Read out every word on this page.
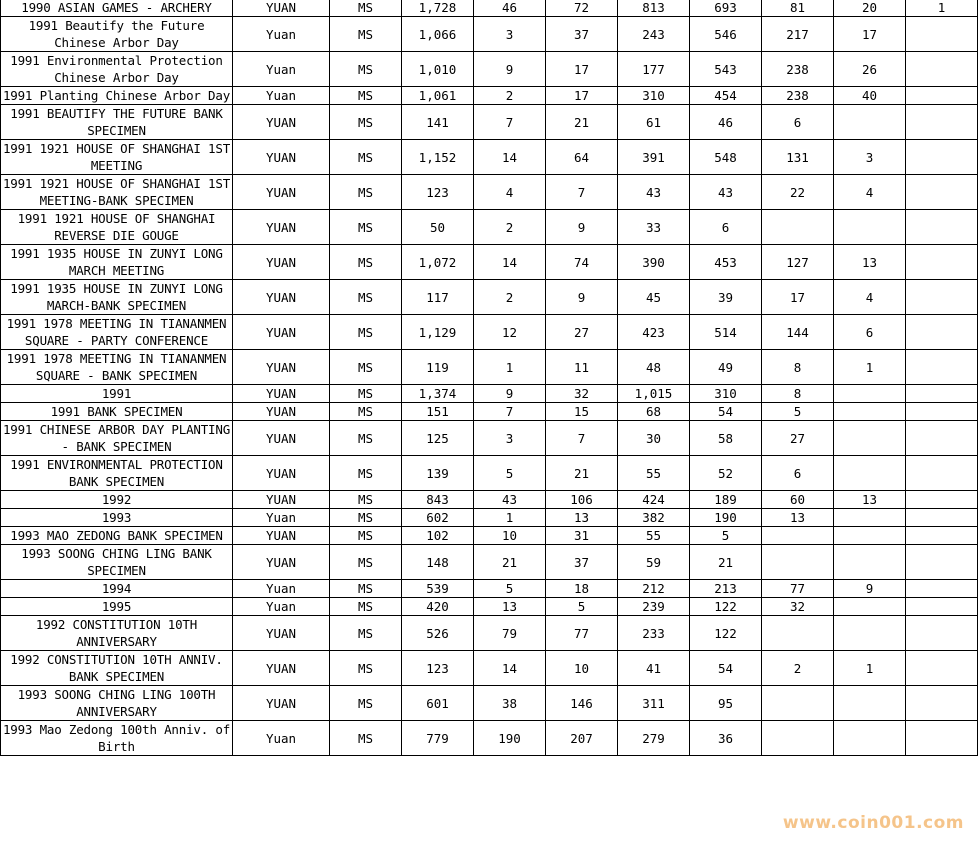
1990 ASIAN GAMES - ARCHERY	YUAN	MS	1,728	46	72	813	693	81	20	1
1991 Beautify the Future Chinese Arbor Day	Yuan	MS	1,066	3	37	243	546	217	17	
1991 Environmental Protection Chinese Arbor Day	Yuan	MS	1,010	9	17	177	543	238	26	
1991 Planting Chinese Arbor Day	Yuan	MS	1,061	2	17	310	454	238	40	
1991 BEAUTIFY THE FUTURE BANK SPECIMEN	YUAN	MS	141	7	21	61	46	6		
1991 1921 HOUSE OF SHANGHAI 1ST MEETING	YUAN	MS	1,152	14	64	391	548	131	3	
1991 1921 HOUSE OF SHANGHAI 1ST MEETING-BANK SPECIMEN	YUAN	MS	123	4	7	43	43	22	4	
1991 1921 HOUSE OF SHANGHAI REVERSE DIE GOUGE	YUAN	MS	50	2	9	33	6			
1991 1935 HOUSE IN ZUNYI LONG MARCH MEETING	YUAN	MS	1,072	14	74	390	453	127	13	
1991 1935 HOUSE IN ZUNYI LONG MARCH-BANK SPECIMEN	YUAN	MS	117	2	9	45	39	17	4	
1991 1978 MEETING IN TIANANMEN SQUARE - PARTY CONFERENCE	YUAN	MS	1,129	12	27	423	514	144	6	
1991 1978 MEETING IN TIANANMEN SQUARE - BANK SPECIMEN	YUAN	MS	119	1	11	48	49	8	1	
1991	YUAN	MS	1,374	9	32	1,015	310	8		
1991 BANK SPECIMEN	YUAN	MS	151	7	15	68	54	5		
1991 CHINESE ARBOR DAY PLANTING - BANK SPECIMEN	YUAN	MS	125	3	7	30	58	27		
1991 ENVIRONMENTAL PROTECTION BANK SPECIMEN	YUAN	MS	139	5	21	55	52	6		
1992	YUAN	MS	843	43	106	424	189	60	13	
1993	Yuan	MS	602	1	13	382	190	13		
1993 MAO ZEDONG BANK SPECIMEN	YUAN	MS	102	10	31	55	5			
1993 SOONG CHING LING BANK SPECIMEN	YUAN	MS	148	21	37	59	21			
1994	Yuan	MS	539	5	18	212	213	77	9	
1995	Yuan	MS	420	13	5	239	122	32		
1992 CONSTITUTION 10TH ANNIVERSARY	YUAN	MS	526	79	77	233	122			
1992 CONSTITUTION 10TH ANNIV. BANK SPECIMEN	YUAN	MS	123	14	10	41	54	2	1	
1993 SOONG CHING LING 100TH ANNIVERSARY	YUAN	MS	601	38	146	311	95			
1993 Mao Zedong 100th Anniv. of Birth	Yuan	MS	779	190	207	279	36			
www.coin001.com
